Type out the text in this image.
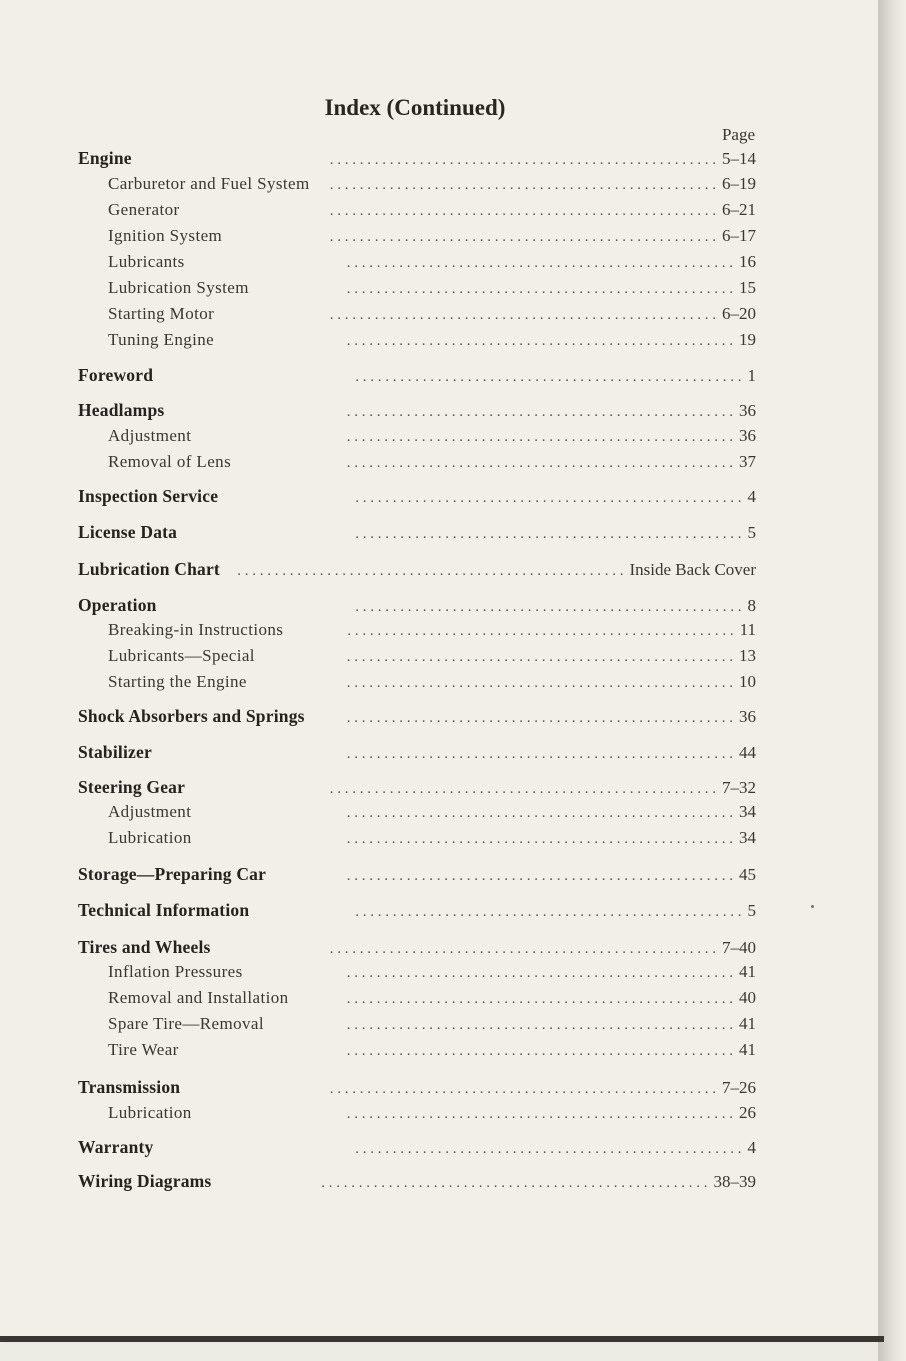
Index (Continued)
Page
Engine . . .	5–14
Carburetor and Fuel System . . .	6–19
Generator . . .	6–21
Ignition System . . .	6–17
Lubricants . . .	16
Lubrication System . . .	15
Starting Motor . . .	6–20
Tuning Engine . . .	19
Foreword . . .	1
Headlamps . . .	36
Adjustment . . .	36
Removal of Lens . . .	37
Inspection Service . . .	4
License Data . . .	5
Lubrication Chart . . .	Inside Back Cover
Operation . . .	8
Breaking-in Instructions . . .	11
Lubricants—Special . . .	13
Starting the Engine . . .	10
Shock Absorbers and Springs . . .	36
Stabilizer . . .	44
Steering Gear . . .	7–32
Adjustment . . .	34
Lubrication . . .	34
Storage—Preparing Car . . .	45
Technical Information . . .	5
Tires and Wheels . . .	7–40
Inflation Pressures . . .	41
Removal and Installation . . .	40
Spare Tire—Removal . . .	41
Tire Wear . . .	41
Transmission . . .	7–26
Lubrication . . .	26
Warranty . . .	4
Wiring Diagrams . . .	38–39
